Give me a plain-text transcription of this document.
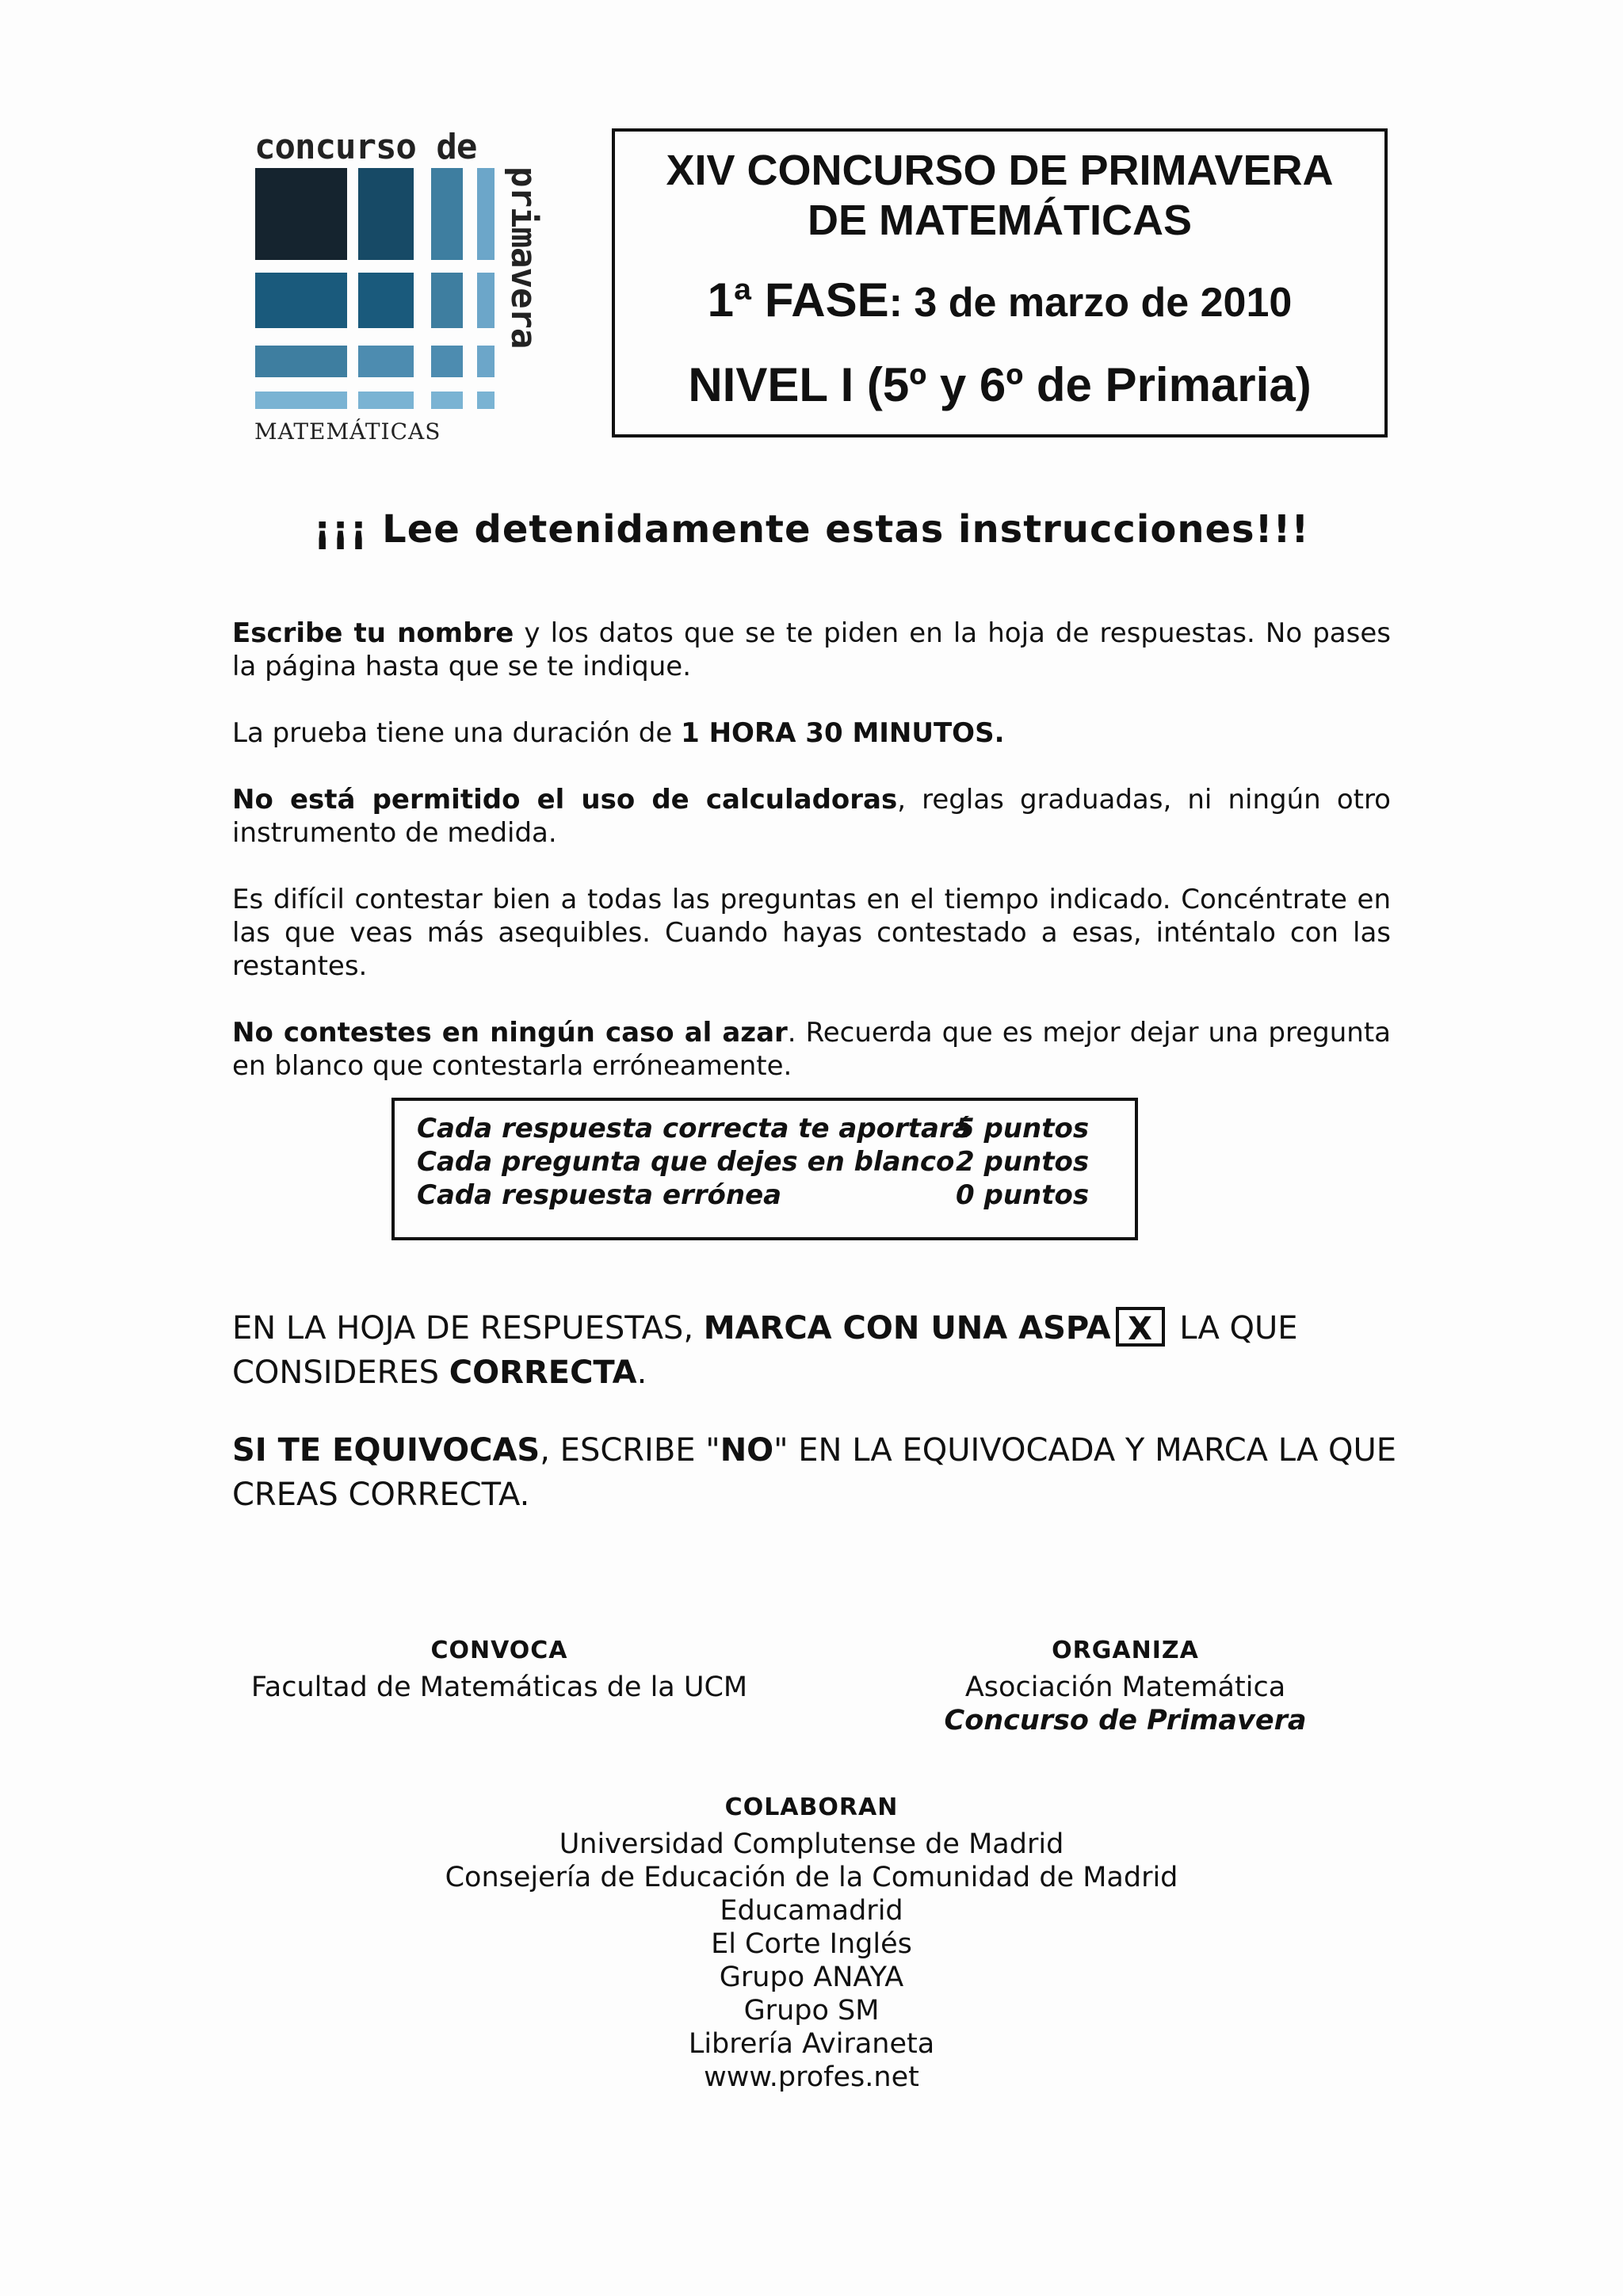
concurso de
primavera
MATEMÁTICAS
XIV CONCURSO DE PRIMAVERA
DE MATEMÁTICAS
1ª FASE: 3 de marzo de 2010
NIVEL I (5º y 6º de Primaria)
¡¡¡ Lee detenidamente estas instrucciones!!!
Escribe tu nombre y los datos que se te piden en la hoja de respuestas. No pases la página hasta que se te indique.
La prueba tiene una duración de 1 HORA 30 MINUTOS.
No está permitido el uso de calculadoras, reglas graduadas, ni ningún otro instrumento de medida.
Es difícil contestar bien a todas las preguntas en el tiempo indicado. Concéntrate en las que veas más asequibles. Cuando hayas contestado a esas, inténtalo con las restantes.
No contestes en ningún caso al azar. Recuerda que es mejor dejar una pregunta en blanco que contestarla erróneamente.
Cada respuesta correcta te aportará
5 puntos
Cada pregunta que dejes en blanco 2 puntos
Cada respuesta errónea	0 puntos
EN LA HOJA DE RESPUESTAS, MARCA CON UNA ASPA X LA QUE CONSIDERES CORRECTA.
SI TE EQUIVOCAS, ESCRIBE "NO" EN LA EQUIVOCADA Y MARCA LA QUE CREAS CORRECTA.
CONVOCA
Facultad de Matemáticas de la UCM
ORGANIZA
Asociación Matemática
Concurso de Primavera
COLABORAN
Universidad Complutense de Madrid
Consejería de Educación de la Comunidad de Madrid
Educamadrid
El Corte Inglés
Grupo ANAYA
Grupo SM
Librería Aviraneta
www.profes.net
